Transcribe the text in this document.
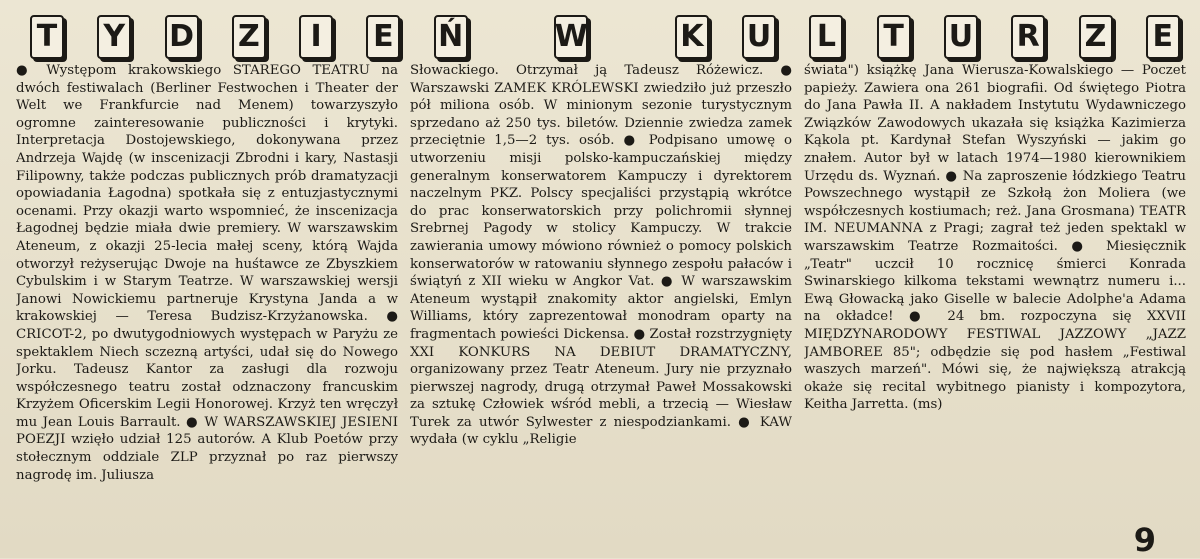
T Y D Z	I	E Ń	W	K U L T U R Z E

● Występom krakowskiego STAREGO TEATRU na dwóch festiwalach (Berliner Festwochen i Theater der Welt we Frankfurcie nad Menem) towarzyszyło ogromne zainteresowanie publiczności i krytyki. Interpretacja Dostojewskiego, dokonywana przez Andrzeja Wajdę (w inscenizacji Zbrodni i kary, Nastasji Filipowny, także podczas publicznych prób dramatyzacji opowiadania Łagodna) spotkała się z entuzjastycznymi ocenami. Przy okazji warto wspomnieć, że inscenizacja Łagodnej będzie miała dwie premiery. W warszawskim Ateneum, z okazji 25-lecia małej sceny, którą Wajda otworzył reżyserując Dwoje na huśtawce ze Zbyszkiem Cybulskim i w Starym Teatrze. W warszawskiej wersji Janowi Nowickiemu partneruje Krystyna Janda a w krakowskiej — Teresa Budzisz-Krzyżanowska. ● CRICOT-2, po dwutygodniowych występach w Paryżu ze spektaklem Niech sczezną artyści, udał się do Nowego Jorku. Tadeusz Kantor za zasługi dla rozwoju współczesnego teatru został odznaczony francuskim Krzyżem Oficerskim Legii Honorowej. Krzyż ten wręczył mu Jean Louis Barrault. ● W WARSZAWSKIEJ JESIENI POEZJI wzięło udział 125 autorów. A Klub Poetów przy stołecznym oddziale ZLP przyznał po raz pierwszy nagrodę im. Juliusza

Słowackiego. Otrzymał ją Tadeusz Różewicz. ● Warszawski ZAMEK KRÓLEWSKI zwiedziło już przeszło pół miliona osób. W minionym sezonie turystycznym sprzedano aż 250 tys. biletów. Dziennie zwiedza zamek przeciętnie 1,5—2 tys. osób. ● Podpisano umowę o utworzeniu misji polsko-kampuczańskiej między generalnym konserwatorem Kampuczy i dyrektorem naczelnym PKZ. Polscy specjaliści przystąpią wkrótce do prac konserwatorskich przy polichromii słynnej Srebrnej Pagody w stolicy Kampuczy. W trakcie zawierania umowy mówiono również o pomocy polskich konserwatorów w ratowaniu słynnego zespołu pałaców i świątyń z XII wieku w Angkor Vat. ● W warszawskim Ateneum wystąpił znakomity aktor angielski, Emlyn Williams, który zaprezentował monodram oparty na fragmentach powieści Dickensa. ● Został rozstrzygnięty XXI KONKURS NA DEBIUT DRAMATYCZNY, organizowany przez Teatr Ateneum. Jury nie przyznało pierwszej nagrody, drugą otrzymał Paweł Mossakowski za sztukę Człowiek wśród mebli, a trzecią — Wiesław Turek za utwór Sylwester z niespodziankami. ● KAW wydała (w cyklu „Religie

świata") książkę Jana Wierusza-Kowalskiego — Poczet papieży. Zawiera ona 261 biografii. Od świętego Piotra do Jana Pawła II. A nakładem Instytutu Wydawniczego Związków Zawodowych ukazała się książka Kazimierza Kąkola pt. Kardynał Stefan Wyszyński — jakim go znałem. Autor był w latach 1974—1980 kierownikiem Urzędu ds. Wyznań. ● Na zaproszenie łódzkiego Teatru Powszechnego wystąpił ze Szkołą żon Moliera (we współczesnych kostiumach; reż. Jana Grosmana) TEATR IM. NEUMANNA z Pragi; zagrał też jeden spektakl w warszawskim Teatrze Rozmaitości. ● Miesięcznik „Teatr" uczcił 10 rocznicę śmierci Konrada Swinarskiego kilkoma tekstami wewnątrz numeru i... Ewą Głowacką jako Giselle w balecie Adolphe'a Adama na okładce! ● 24 bm. rozpoczyna się XXVII MIĘDZYNARODOWY FESTIWAL JAZZOWY „JAZZ JAMBOREE 85"; odbędzie się pod hasłem „Festiwal waszych marzeń". Mówi się, że największą atrakcją okaże się recital wybitnego pianisty i kompozytora, Keitha Jarretta. (ms)

9
